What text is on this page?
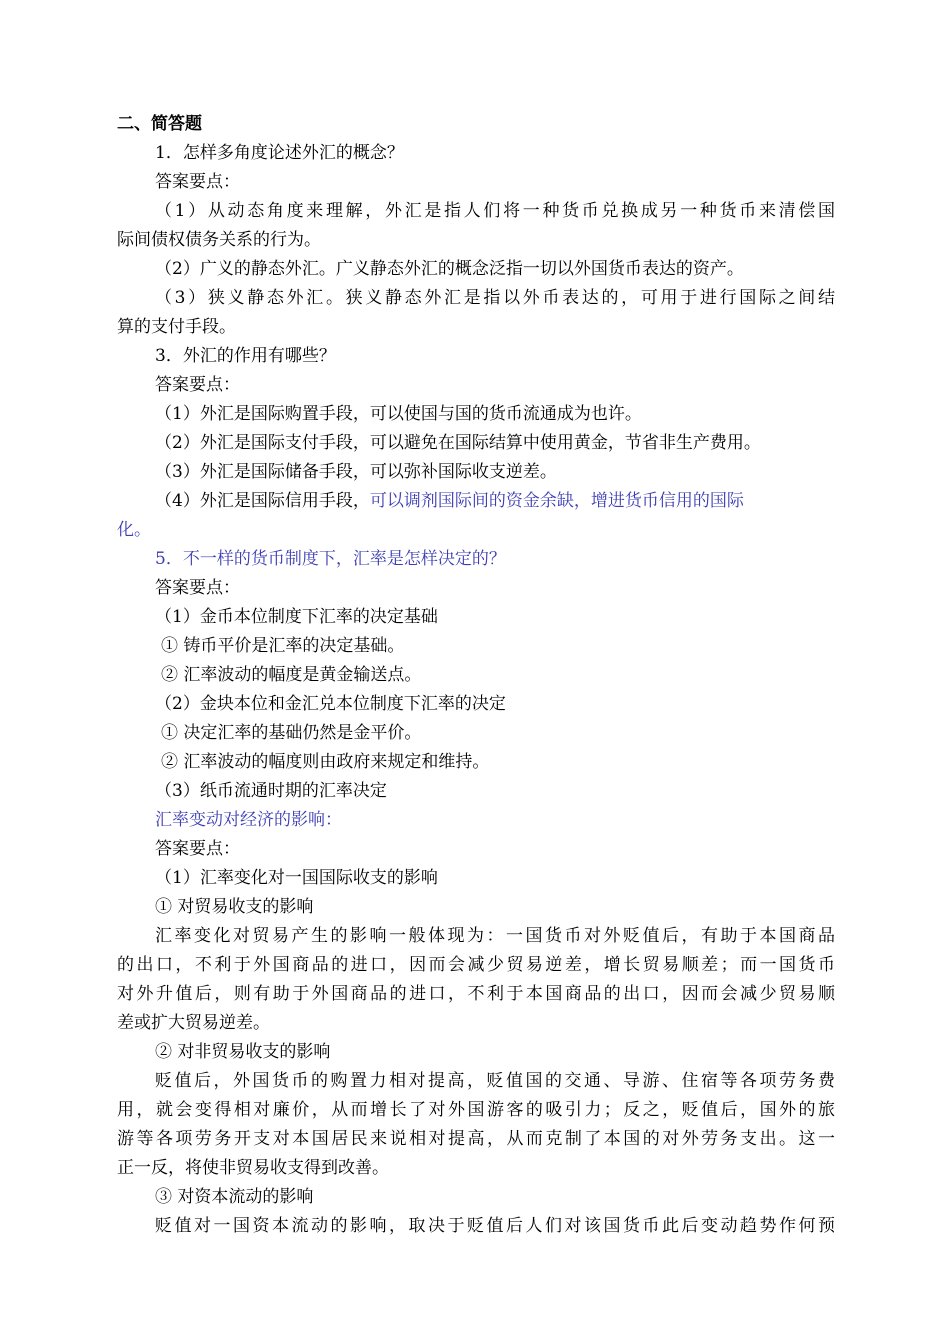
二、简答题
1．怎样多角度论述外汇的概念？
答案要点：
（1）从动态角度来理解，外汇是指人们将一种货币兑换成另一种货币来清偿国
际间债权债务关系的行为。
（2）广义的静态外汇。广义静态外汇的概念泛指一切以外国货币表达的资产。
（3）狭义静态外汇。狭义静态外汇是指以外币表达的，可用于进行国际之间结
算的支付手段。
3．外汇的作用有哪些？
答案要点：
（1）外汇是国际购置手段，可以使国与国的货币流通成为也许。
（2）外汇是国际支付手段，可以避免在国际结算中使用黄金，节省非生产费用。
（3）外汇是国际储备手段，可以弥补国际收支逆差。
（4）外汇是国际信用手段，可以调剂国际间的资金余缺，增进货币信用的国际
化。
5．不一样的货币制度下，汇率是怎样决定的？
答案要点：
（1）金币本位制度下汇率的决定基础
① 铸币平价是汇率的决定基础。
② 汇率波动的幅度是黄金输送点。
（2）金块本位和金汇兑本位制度下汇率的决定
① 决定汇率的基础仍然是金平价。
② 汇率波动的幅度则由政府来规定和维持。
（3）纸币流通时期的汇率决定
汇率变动对经济的影响：
答案要点：
（1）汇率变化对一国国际收支的影响
① 对贸易收支的影响
汇率变化对贸易产生的影响一般体现为：一国货币对外贬值后，有助于本国商品
的出口，不利于外国商品的进口，因而会减少贸易逆差，增长贸易顺差；而一国货币
对外升值后，则有助于外国商品的进口，不利于本国商品的出口，因而会减少贸易顺
差或扩大贸易逆差。
② 对非贸易收支的影响
贬值后，外国货币的购置力相对提高，贬值国的交通、导游、住宿等各项劳务费
用，就会变得相对廉价，从而增长了对外国游客的吸引力；反之，贬值后，国外的旅
游等各项劳务开支对本国居民来说相对提高，从而克制了本国的对外劳务支出。这一
正一反，将使非贸易收支得到改善。
③ 对资本流动的影响
贬值对一国资本流动的影响，取决于贬值后人们对该国货币此后变动趋势作何预
